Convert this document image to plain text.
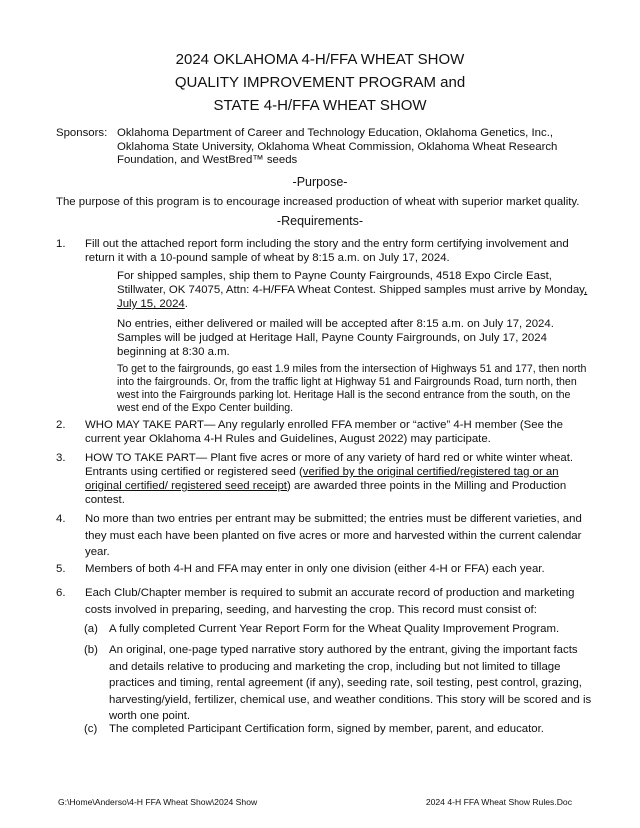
2024 OKLAHOMA 4-H/FFA WHEAT SHOW
QUALITY IMPROVEMENT PROGRAM and
STATE 4-H/FFA WHEAT SHOW
Sponsors: Oklahoma Department of Career and Technology Education, Oklahoma Genetics, Inc., Oklahoma State University, Oklahoma Wheat Commission, Oklahoma Wheat Research Foundation, and WestBred™ seeds
-Purpose-
The purpose of this program is to encourage increased production of wheat with superior market quality.
-Requirements-
1. Fill out the attached report form including the story and the entry form certifying involvement and return it with a 10-pound sample of wheat by 8:15 a.m. on July 17, 2024.
For shipped samples, ship them to Payne County Fairgrounds, 4518 Expo Circle East, Stillwater, OK 74075, Attn: 4-H/FFA Wheat Contest. Shipped samples must arrive by Monday, July 15, 2024.
No entries, either delivered or mailed will be accepted after 8:15 a.m. on July 17, 2024. Samples will be judged at Heritage Hall, Payne County Fairgrounds, on July 17, 2024 beginning at 8:30 a.m.
To get to the fairgrounds, go east 1.9 miles from the intersection of Highways 51 and 177, then north into the fairgrounds. Or, from the traffic light at Highway 51 and Fairgrounds Road, turn north, then west into the Fairgrounds parking lot. Heritage Hall is the second entrance from the south, on the west end of the Expo Center building.
2. WHO MAY TAKE PART— Any regularly enrolled FFA member or “active” 4-H member (See the current year Oklahoma 4-H Rules and Guidelines, August 2022) may participate.
3. HOW TO TAKE PART— Plant five acres or more of any variety of hard red or white winter wheat. Entrants using certified or registered seed (verified by the original certified/registered tag or an original certified/ registered seed receipt) are awarded three points in the Milling and Production contest.
4. No more than two entries per entrant may be submitted; the entries must be different varieties, and they must each have been planted on five acres or more and harvested within the current calendar year.
5. Members of both 4-H and FFA may enter in only one division (either 4-H or FFA) each year.
6. Each Club/Chapter member is required to submit an accurate record of production and marketing costs involved in preparing, seeding, and harvesting the crop. This record must consist of:
(a) A fully completed Current Year Report Form for the Wheat Quality Improvement Program.
(b) An original, one-page typed narrative story authored by the entrant, giving the important facts and details relative to producing and marketing the crop, including but not limited to tillage practices and timing, rental agreement (if any), seeding rate, soil testing, pest control, grazing, harvesting/yield, fertilizer, chemical use, and weather conditions. This story will be scored and is worth one point.
(c) The completed Participant Certification form, signed by member, parent, and educator.
G:\Home\Anderso\4-H FFA Wheat Show\2024 Show	2024 4-H FFA Wheat Show Rules.Doc
